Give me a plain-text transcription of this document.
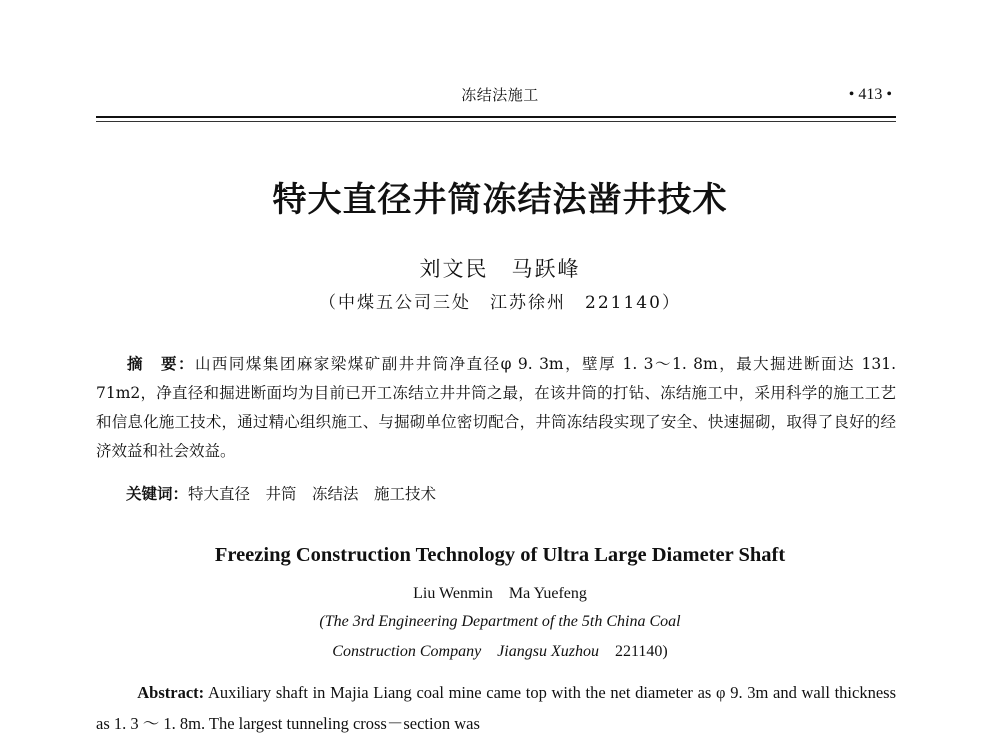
冻结法施工	• 413 •
特大直径井筒冻结法凿井技术
刘文民　马跃峰
（中煤五公司三处　江苏徐州　221140）
摘　要：山西同煤集团麻家梁煤矿副井井筒净直径φ 9. 3m，壁厚 1. 3～1. 8m，最大掘进断面达 131. 71m2，净直径和掘进断面均为目前已开工冻结立井井筒之最，在该井筒的打钻、冻结施工中，采用科学的施工工艺和信息化施工技术，通过精心组织施工、与掘砌单位密切配合，井筒冻结段实现了安全、快速掘砌，取得了良好的经济效益和社会效益。
关键词：特大直径　井筒　冻结法　施工技术
Freezing Construction Technology of Ultra Large Diameter Shaft
Liu Wenmin　Ma Yuefeng
(The 3rd Engineering Department of the 5th China Coal
Construction Company　Jiangsu Xuzhou　 221140)
Abstract: Auxiliary shaft in Majia Liang coal mine came top with the net diameter as φ 9. 3m and wall thickness as 1. 3 ～ 1. 8m. The largest tunneling cross－section was
